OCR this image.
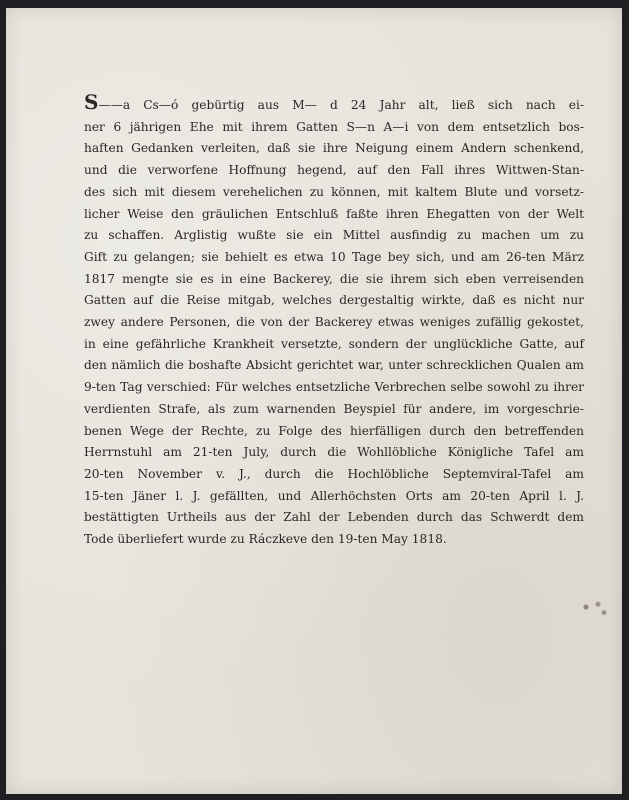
S——a Cs—ó gebürtig aus M— d 24 Jahr alt, ließ sich nach ei-
ner 6 jährigen Ehe mit ihrem Gatten S—n A—i von dem entsetzlich bos-
haften Gedanken verleiten, daß sie ihre Neigung einem Andern schenkend,
und die verworfene Hoffnung hegend, auf den Fall ihres Wittwen-Stan-
des sich mit diesem verehelichen zu können, mit kaltem Blute und vorsetz-
licher Weise den gräulichen Entschluß faßte ihren Ehegatten von der Welt
zu schaffen. Arglistig wußte sie ein Mittel ausfindig zu machen um zu
Gift zu gelangen; sie behielt es etwa 10 Tage bey sich, und am 26-ten März
1817 mengte sie es in eine Backerey, die sie ihrem sich eben verreisenden
Gatten auf die Reise mitgab, welches dergestaltig wirkte, daß es nicht nur
zwey andere Personen, die von der Backerey etwas weniges zufällig gekostet,
in eine gefährliche Krankheit versetzte, sondern der unglückliche Gatte, auf
den nämlich die boshafte Absicht gerichtet war, unter schrecklichen Qualen am
9-ten Tag verschied: Für welches entsetzliche Verbrechen selbe sowohl zu ihrer
verdienten Strafe, als zum warnenden Beyspiel für andere, im vorgeschrie-
benen Wege der Rechte, zu Folge des hierfälligen durch den betreffenden
Herrnstuhl am 21-ten July, durch die Wohllöbliche Königliche Tafel am
20-ten November v. J., durch die Hochlöbliche Septemviral-Tafel am
15-ten Jäner l. J. gefällten, und Allerhöchsten Orts am 20-ten April l. J.
bestättigten Urtheils aus der Zahl der Lebenden durch das Schwerdt dem
Tode überliefert wurde zu Ráczkeve den 19-ten May 1818.
